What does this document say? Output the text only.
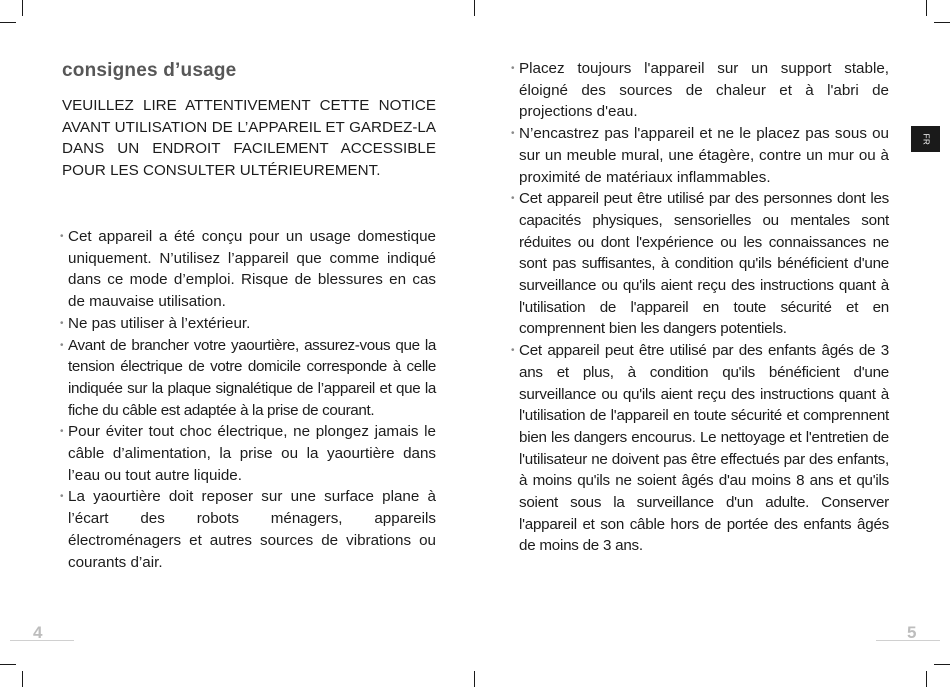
consignes d’usage

VEUILLEZ LIRE ATTENTIVEMENT CETTE NOTICE AVANT UTILISATION DE L’APPAREIL ET GARDEZ-LA DANS UN ENDROIT FACILEMENT ACCESSIBLE POUR LES CONSULTER ULTÉRIEUREMENT.

• Cet appareil a été conçu pour un usage domestique uniquement. N’utilisez l’appareil que comme indiqué dans ce mode d’emploi. Risque de blessures en cas de mauvaise utilisation.
• Ne pas utiliser à l’extérieur.
• Avant de brancher votre yaourtière, assurez-vous que la tension électrique de votre domicile corresponde à celle indiquée sur la plaque signalétique de l’appareil et que la fiche du câble est adaptée à la prise de courant.
• Pour éviter tout choc électrique, ne plongez jamais le câble d’alimentation, la prise ou la yaourtière dans l’eau ou tout autre liquide.
• La yaourtière doit reposer sur une surface plane à l’écart des robots ménagers, appareils électroménagers et autres sources de vibrations ou courants d’air.
4
• Placez toujours l'appareil sur un support stable, éloigné des sources de chaleur et à l'abri de projections d'eau.
• N’encastrez pas l'appareil et ne le placez pas sous ou sur un meuble mural, une étagère, contre un mur ou à proximité de matériaux inflammables.
• Cet appareil peut être utilisé par des personnes dont les capacités physiques, sensorielles ou mentales sont réduites ou dont l'expérience ou les connaissances ne sont pas suffisantes, à condition qu'ils bénéficient d'une surveillance ou qu'ils aient reçu des instructions quant à l'utilisation de l'appareil en toute sécurité et en comprennent bien les dangers potentiels.
• Cet appareil peut être utilisé par des enfants âgés de 3 ans et plus, à condition qu'ils bénéficient d'une surveillance ou qu'ils aient reçu des instructions quant à l'utilisation de l'appareil en toute sécurité et comprennent bien les dangers encourus. Le nettoyage et l'entretien de l'utilisateur ne doivent pas être effectués par des enfants, à moins qu'ils ne soient âgés d'au moins 8 ans et qu'ils soient sous la surveillance d'un adulte. Conserver l'appareil et son câble hors de portée des enfants âgés de moins de 3 ans.
FR
5
